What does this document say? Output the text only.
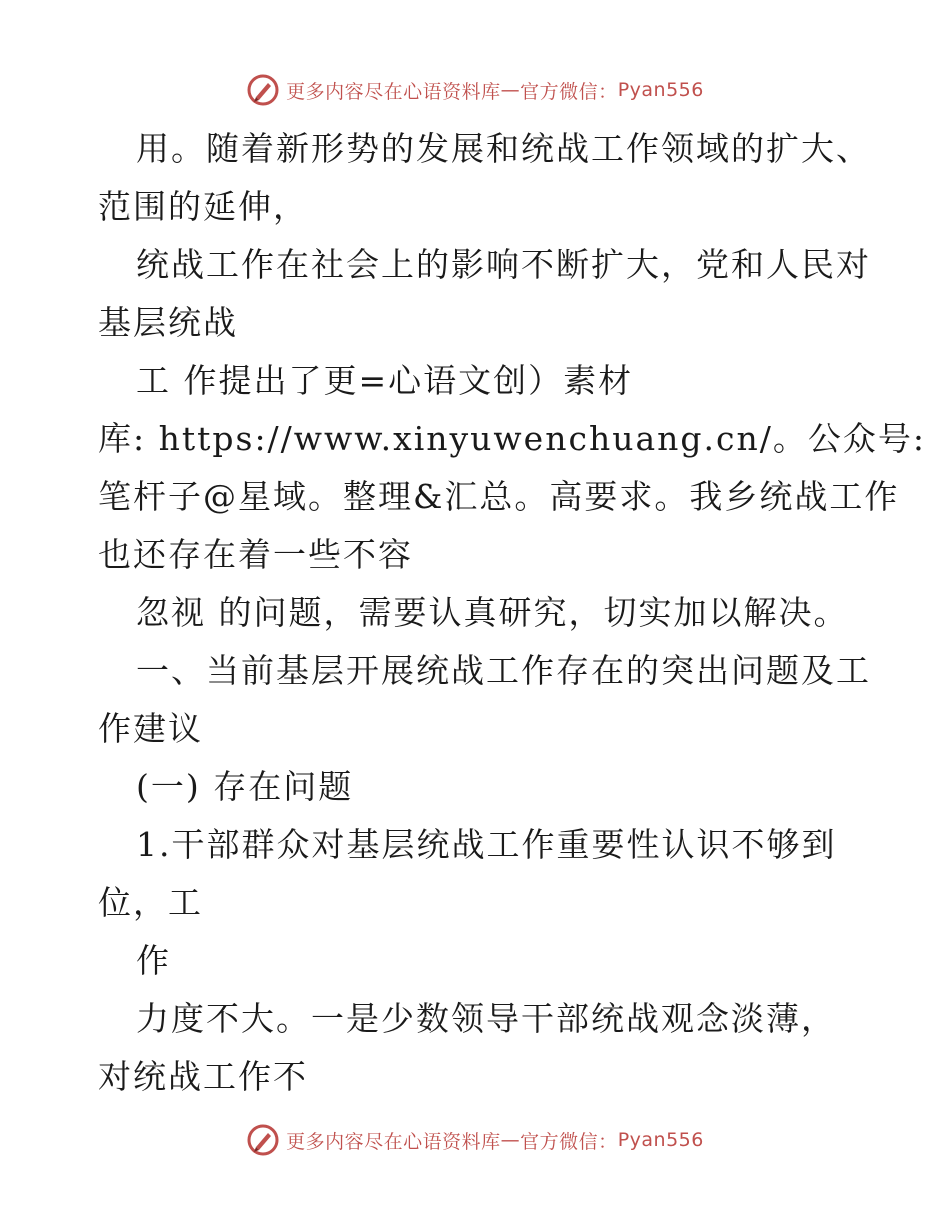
更多内容尽在心语资料库 — 官方微信： Pyan556
用。随着新形势的发展和统战工作领域的扩大、
范围的延伸，
统战工作在社会上的影响不断扩大，党和人民对
基层统战
工 作提出了更=心语文创）素材
库: https://www.xinyuwenchuang.cn/。公众号:
笔杆子@星域。整理&汇总。高要求。我乡统战工作
也还存在着一些不容
忽视 的问题，需要认真研究，切实加以解决。
一、当前基层开展统战工作存在的突出问题及工
作建议
(一) 存在问题
1.干部群众对基层统战工作重要性认识不够到
位，工
作
力度不大。一是少数领导干部统战观念淡薄，
对统战工作不
更多内容尽在心语资料库 — 官方微信： Pyan556
